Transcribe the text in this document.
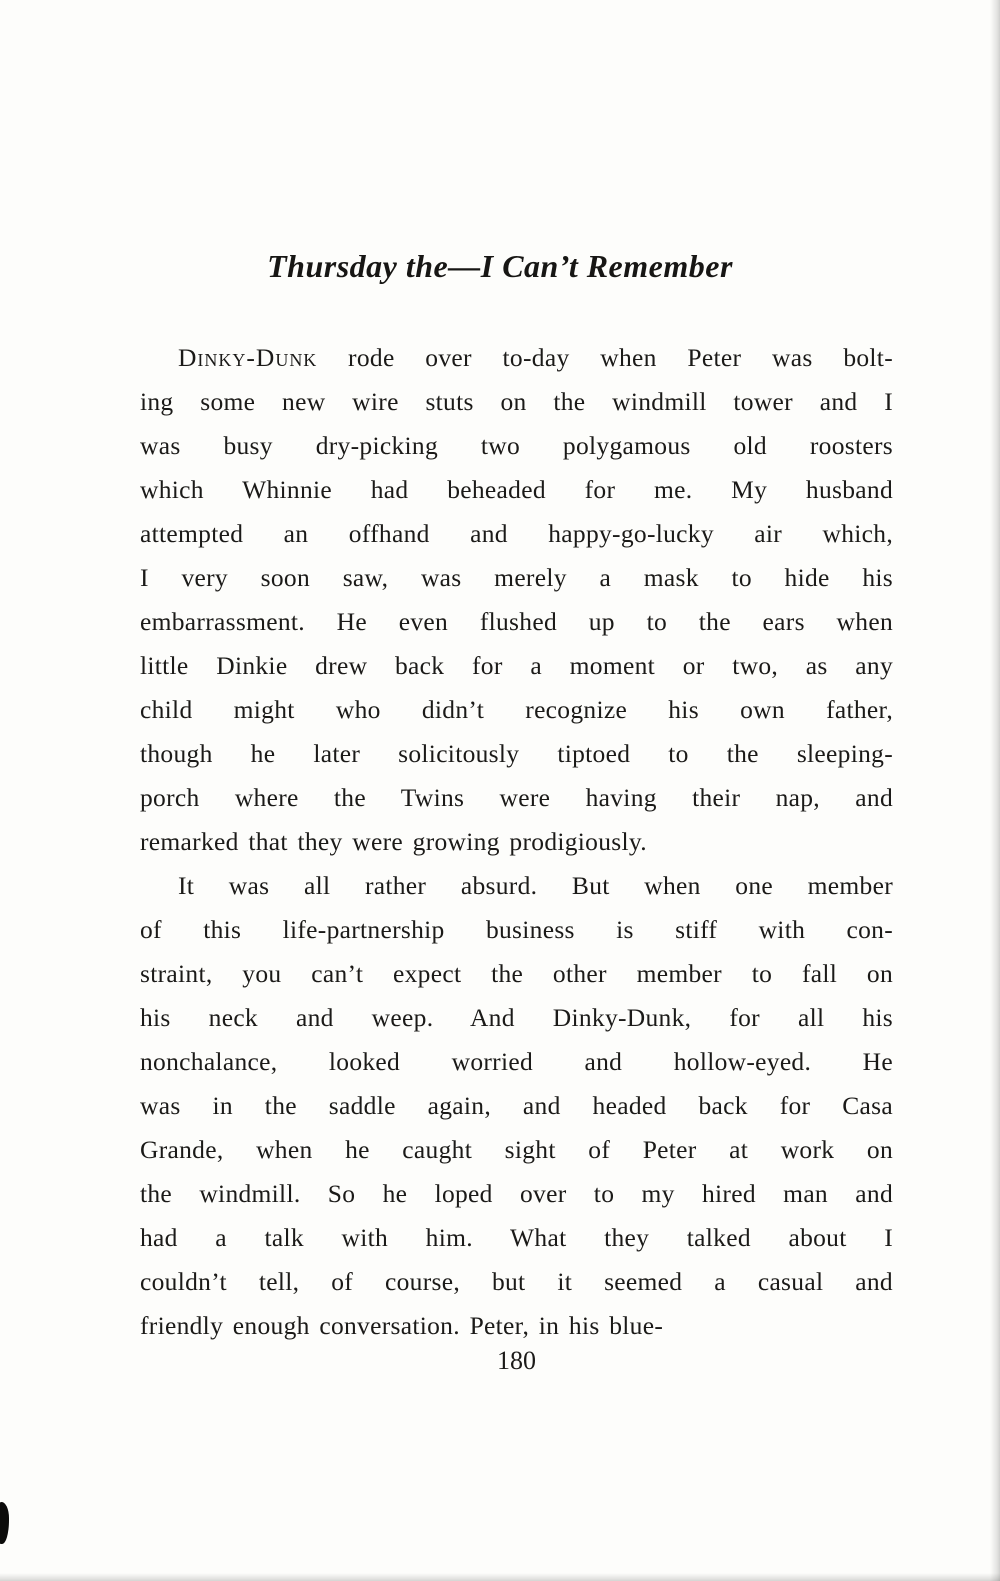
Thursday the—I Can’t Remember
Dinky-Dunk rode over to-day when Peter was bolt-
ing some new wire stuts on the windmill tower and I
was busy dry-picking two polygamous old roosters
which Whinnie had beheaded for me. My husband
attempted an offhand and happy-go-lucky air which,
I very soon saw, was merely a mask to hide his
embarrassment. He even flushed up to the ears when
little Dinkie drew back for a moment or two, as any
child might who didn’t recognize his own father,
though he later solicitously tiptoed to the sleeping-
porch where the Twins were having their nap, and
remarked that they were growing prodigiously.
It was all rather absurd. But when one member
of this life-partnership business is stiff with con-
straint, you can’t expect the other member to fall on
his neck and weep. And Dinky-Dunk, for all his
nonchalance, looked worried and hollow-eyed. He
was in the saddle again, and headed back for Casa
Grande, when he caught sight of Peter at work on
the windmill. So he loped over to my hired man and
had a talk with him. What they talked about I
couldn’t tell, of course, but it seemed a casual and
friendly enough conversation. Peter, in his blue-
180
